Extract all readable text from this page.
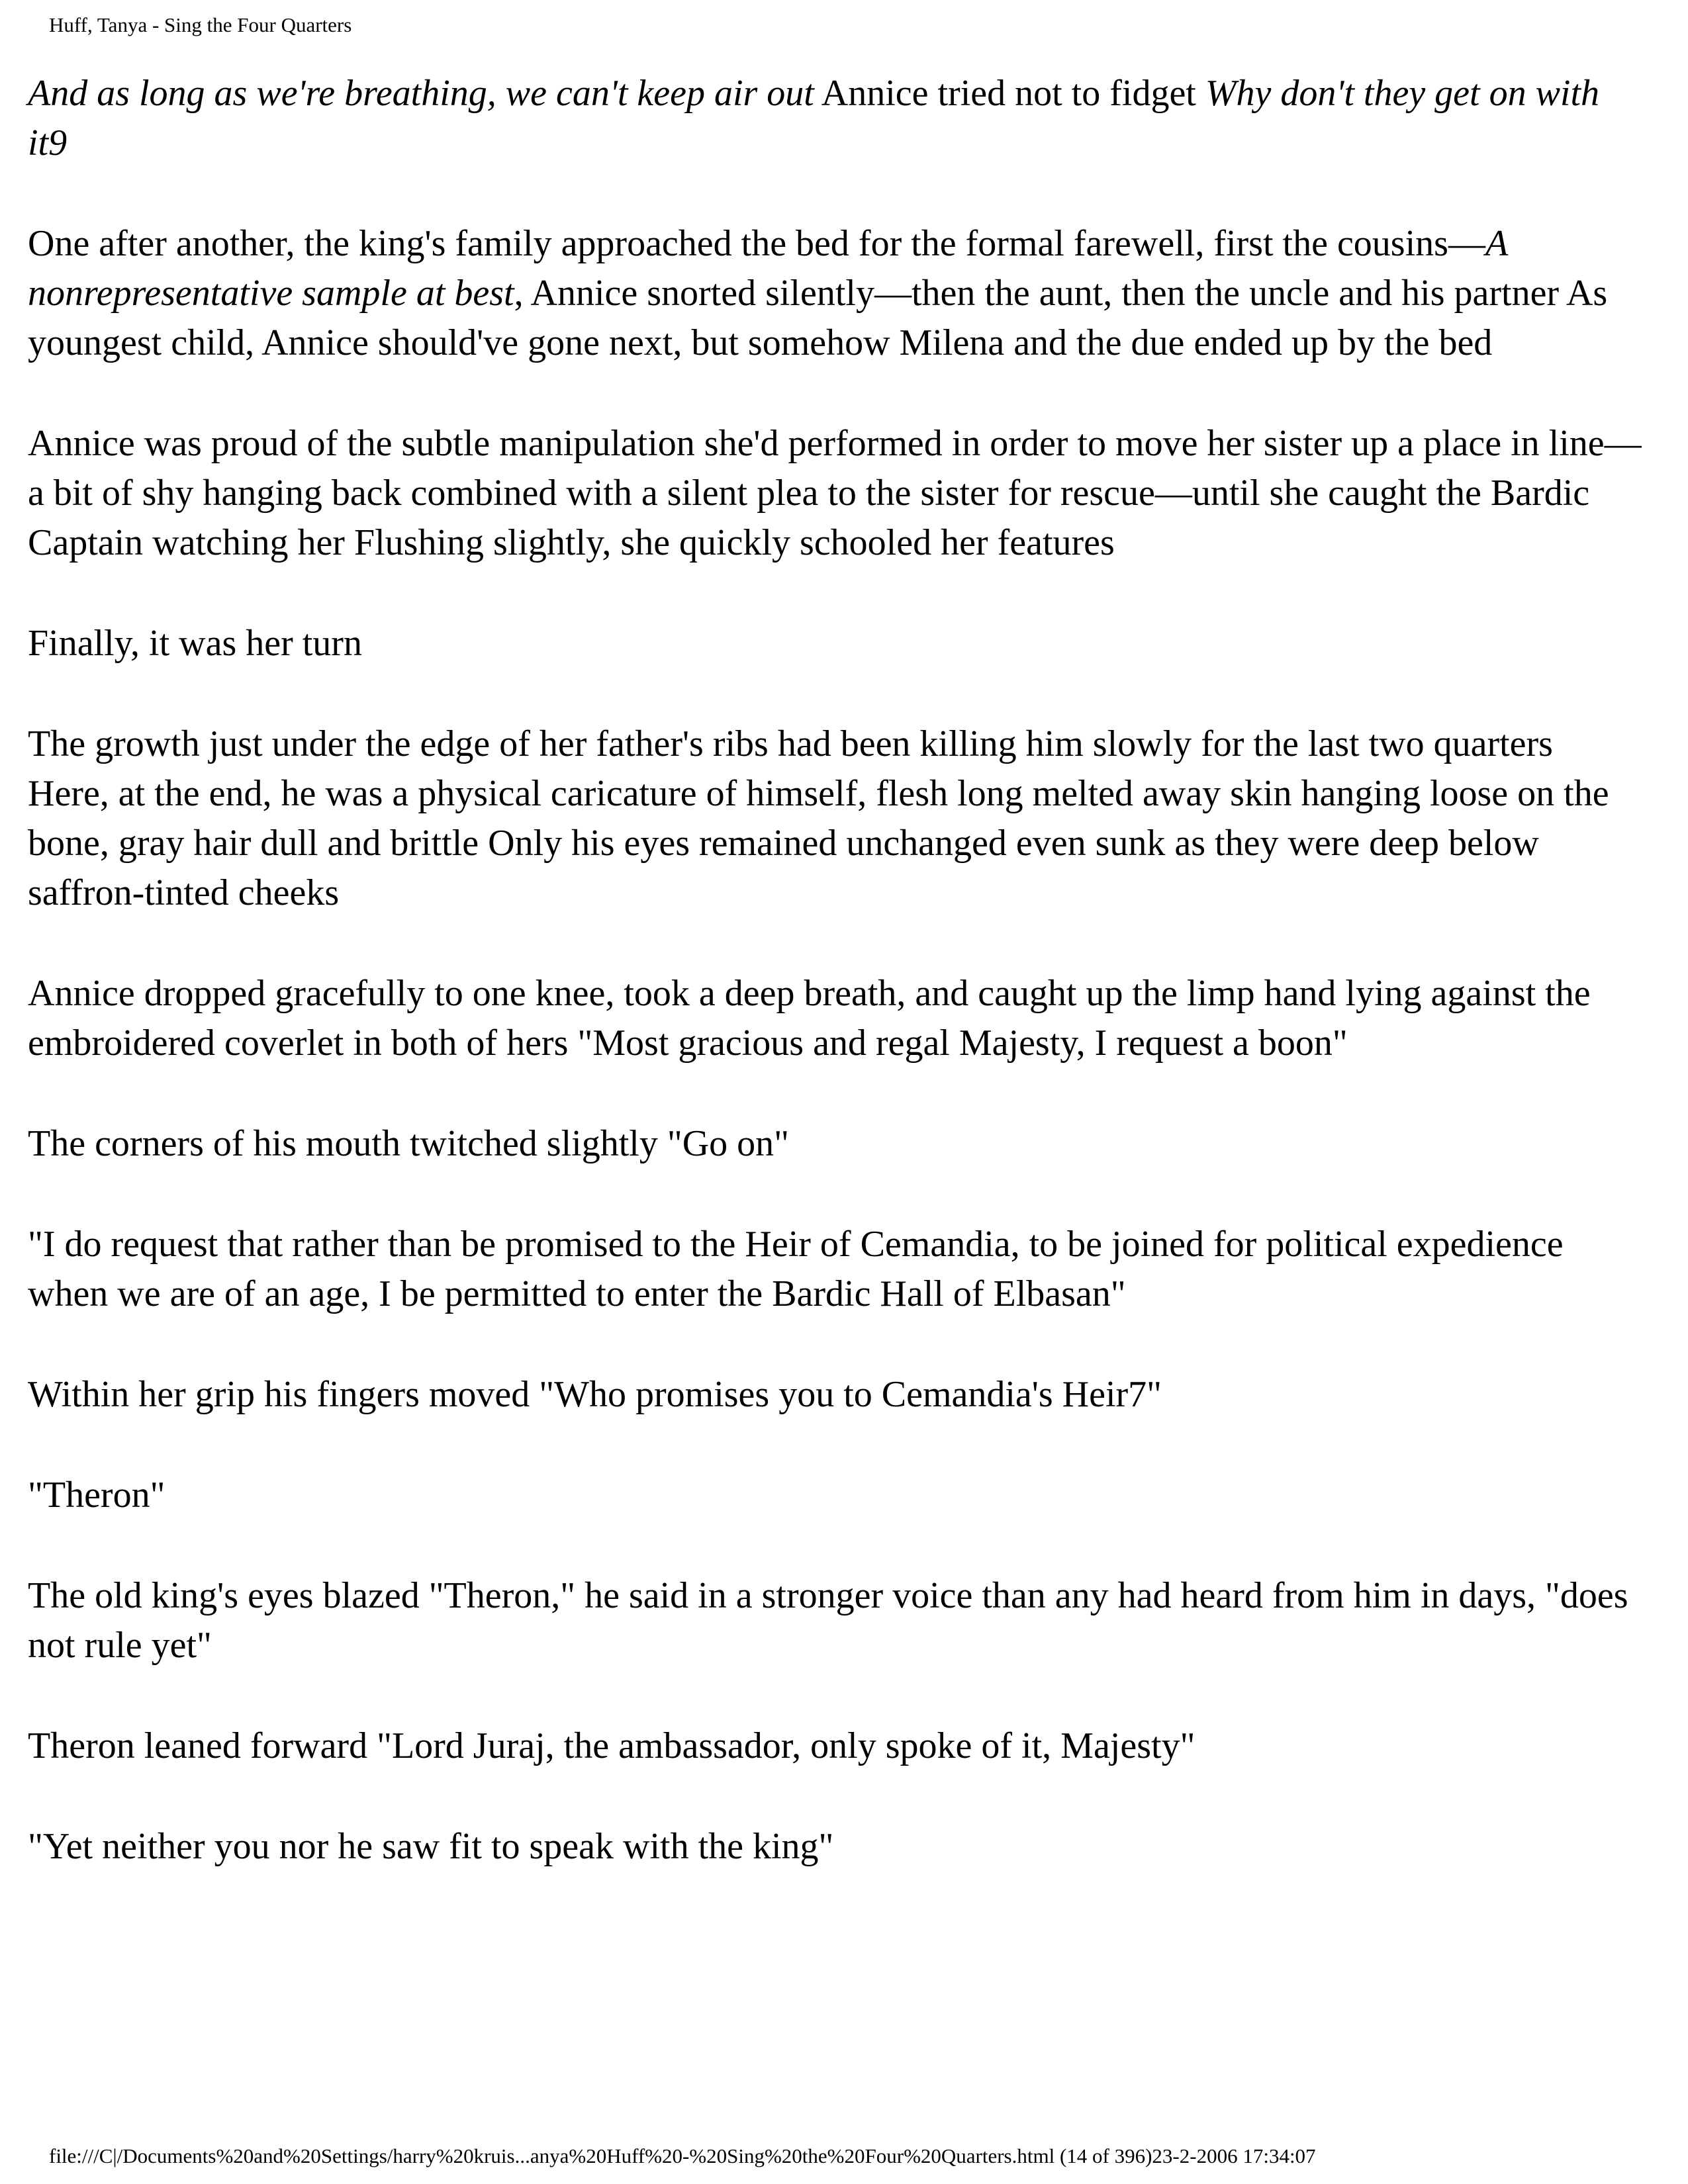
Huff, Tanya - Sing the Four Quarters

And as long as we're breathing, we can't keep air out Annice tried not to fidget Why don't they get on with it9

One after another, the king's family approached the bed for the formal farewell, first the cousins—A nonrepresentative sample at best, Annice snorted silently—then the aunt, then the uncle and his partner As youngest child, Annice should've gone next, but somehow Milena and the due ended up by the bed

Annice was proud of the subtle manipulation she'd performed in order to move her sister up a place in line—a bit of shy hanging back combined with a silent plea to the sister for rescue—until she caught the Bardic Captain watching her Flushing slightly, she quickly schooled her features

Finally, it was her turn

The growth just under the edge of her father's ribs had been killing him slowly for the last two quarters Here, at the end, he was a physical caricature of himself, flesh long melted away skin hanging loose on the bone, gray hair dull and brittle Only his eyes remained unchanged even sunk as they were deep below saffron-tinted cheeks

Annice dropped gracefully to one knee, took a deep breath, and caught up the limp hand lying against the embroidered coverlet in both of hers "Most gracious and regal Majesty, I request a boon"

The corners of his mouth twitched slightly "Go on"

"I do request that rather than be promised to the Heir of Cemandia, to be joined for political expedience when we are of an age, I be permitted to enter the Bardic Hall of Elbasan"

Within her grip his fingers moved "Who promises you to Cemandia's Heir7"

"Theron"

The old king's eyes blazed "Theron," he said in a stronger voice than any had heard from him in days, "does not rule yet"

Theron leaned forward "Lord Juraj, the ambassador, only spoke of it, Majesty"

"Yet neither you nor he saw fit to speak with the king"

file:///C|/Documents%20and%20Settings/harry%20kruis...anya%20Huff%20-%20Sing%20the%20Four%20Quarters.html (14 of 396)23-2-2006 17:34:07
